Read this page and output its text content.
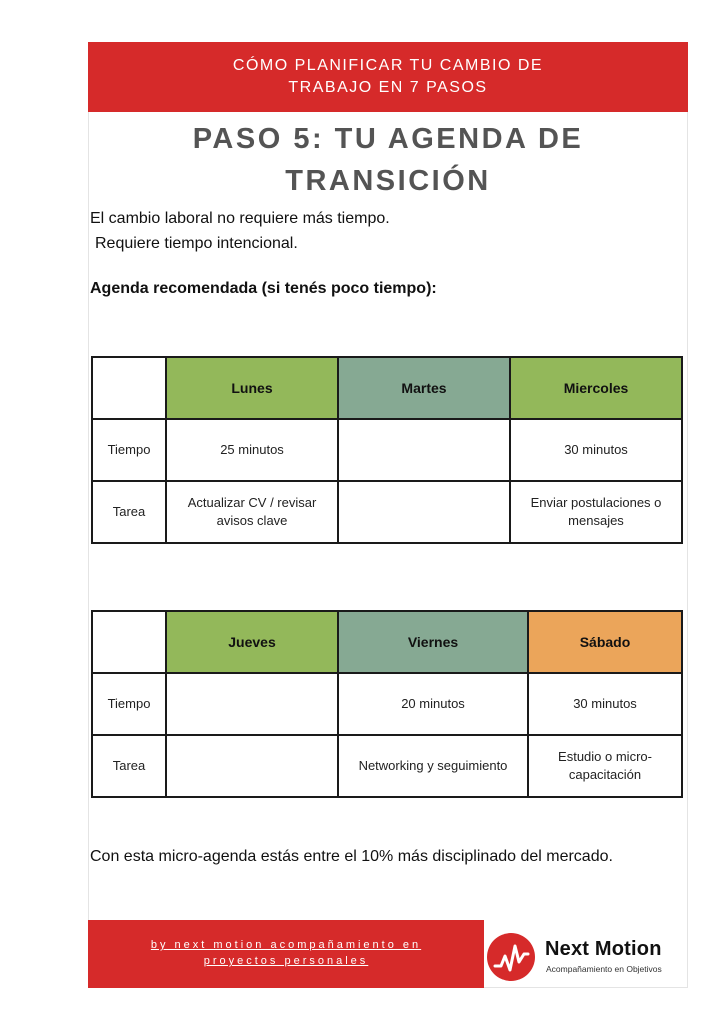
CÓMO PLANIFICAR TU CAMBIO DE
TRABAJO EN 7 PASOS
PASO 5: TU AGENDA DE
TRANSICIÓN
El cambio laboral no requiere más tiempo.
Requiere tiempo intencional.
Agenda recomendada (si tenés poco tiempo):
	Lunes	Martes	Miercoles
Tiempo	25 minutos		30 minutos
Tarea	Actualizar CV / revisar avisos clave		Enviar postulaciones o mensajes
	Jueves	Viernes	Sábado
Tiempo		20 minutos	30 minutos
Tarea		Networking y seguimiento	Estudio o micro-capacitación
Con esta micro-agenda estás entre el 10% más disciplinado del mercado.
by next motion acompañamiento en
proyectos personales
Next Motion
Acompañamiento en Objetivos
